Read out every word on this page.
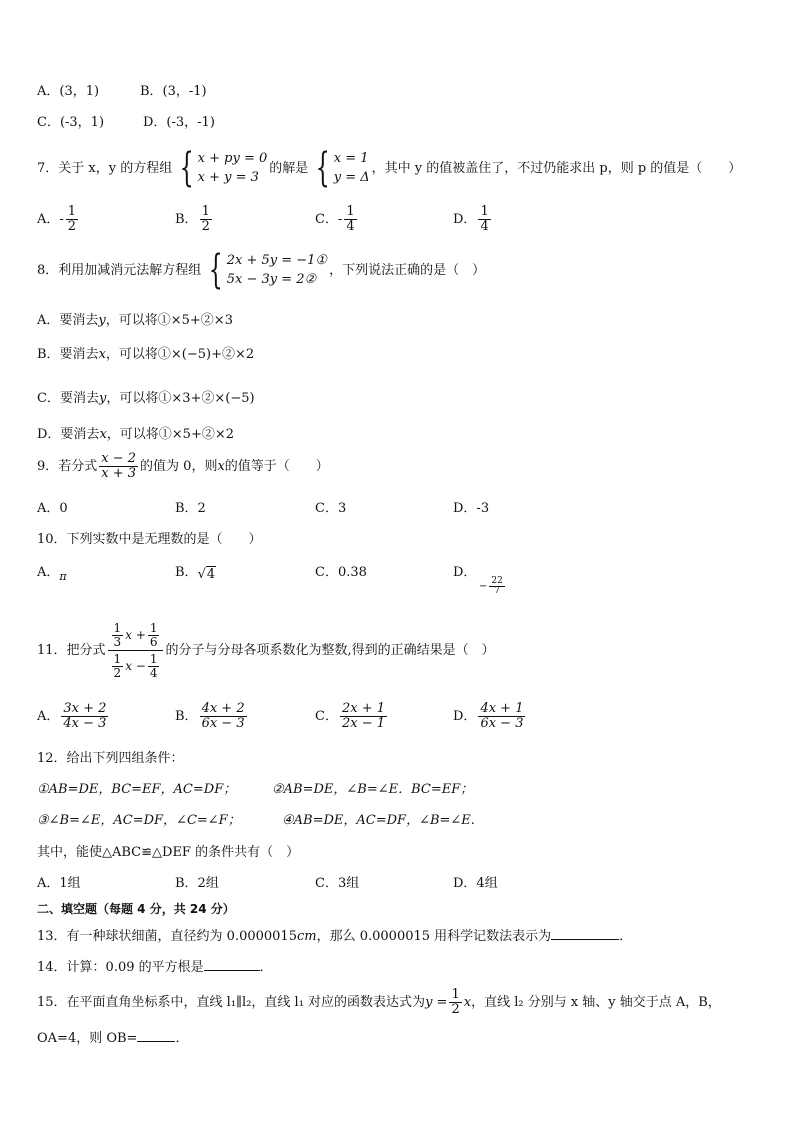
A．(3，1)	B．(3，-1)
C．(-3，1)	D．(-3，-1)
7．关于 x，y 的方程组 { x + py = 0
x + y = 3
的解是 { x = 1
y = Δ
，其中 y 的值被盖住了，不过仍能求出 p，则 p 的值是（　　）
A． - $\frac{1}{2}$	B． $\frac{1}{2}$	C． - $\frac{1}{4}$	D． $\frac{1}{4}$
8．利用加减消元法解方程组 { 2x + 5y = −1①
5x − 3y = 2②
，下列说法正确的是（　）
A．要消去y，可以将①×5+②×3
B．要消去x，可以将①×(−5)+②×2
C．要消去y，可以将①×3+②×(−5)
D．要消去x，可以将①×5+②×2
9．若分式 $\frac{x - 2}{x + 3}$ 的值为 0，则 x 的值等于（　　）
A．0	B．2	C．3	D．-3
10．下列实数中是无理数的是（　　）
A．$_\pi$	B．√4	C．0.38	D．
− $\frac{22}{7}$
11．把分式 $\frac{\frac{1}{3} x + \frac{1}{6}}{\frac{1}{2} x - \frac{1}{4}}$ 的分子与分母各项系数化为整数,得到的正确结果是（　）
A． $\frac{3x + 2}{4x - 3}$	B． $\frac{4x + 2}{6x - 3}$	C． $\frac{2x + 1}{2x - 1}$	D． $\frac{4x + 1}{6x - 3}$
12．给出下列四组条件：
①AB=DE，BC=EF，AC=DF；	②AB=DE，∠B=∠E．BC=EF；
③∠B=∠E，AC=DF，∠C=∠F；	④AB=DE，AC=DF，∠B=∠E.
其中，能使△ABC≌△DEF 的条件共有（　）
A．1组	B．2组	C．3组	D．4组
二、填空题（每题 4 分，共 24 分）
13．有一种球状细菌，直径约为 0.0000015cm，那么 0.0000015 用科学记数法表示为	．
14．计算：0.09 的平方根是	．
15．在平面直角坐标系中，直线 l₁∥l₂，直线 l₁ 对应的函数表达式为 $y = \frac{1}{2}$ x ，直线 l₂ 分别与 x 轴、y 轴交于点 A，B，
OA=4，则 OB=	．
